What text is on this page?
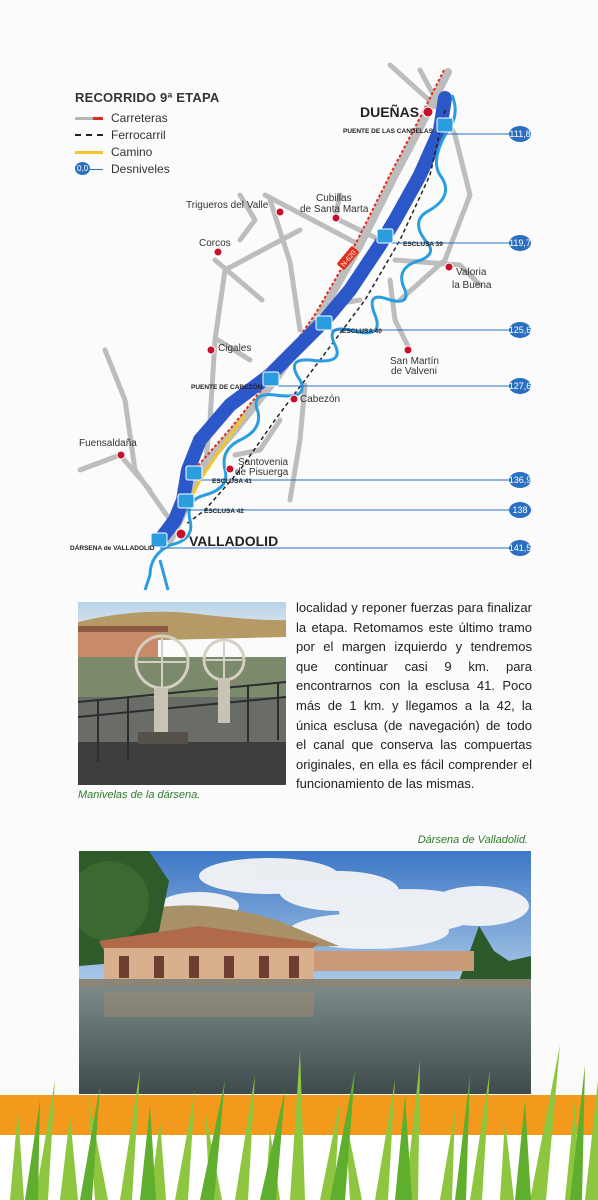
RECORRIDO 9ª ETAPA
Carreteras
Ferrocarril
Camino
0,0 Desniveles
N-620
111,8
119,7
125,6
127,6
136,9
138
141,5
PUENTE DE LAS CANDELAS
ESCLUSA 39
ESCLUSA 40
PUENTE DE CABEZÓN
ESCLUSA 41
ESCLUSA 42
DÁRSENA de VALLADOLID
DUEÑAS
VALLADOLID
Trigueros del Valle
Cubillas
de Santa Marta
Corcos
Valoria
la Buena
Cigales
San Martín
de Valveni
Cabezón
Fuensaldaña
Santovenia
de Pisuerga
Manivelas de la dársena.
localidad y reponer fuerzas para finalizar la etapa. Retomamos este último tramo por el margen izquierdo y tendremos que continuar casi 9 km. para encontrarnos con la esclusa 41. Poco más de 1 km. y llegamos a la 42, la única esclusa (de navegación) de todo el canal que conserva las compuertas originales, en ella es fácil comprender el funcionamiento de las mismas.
Dársena de Valladolid.
